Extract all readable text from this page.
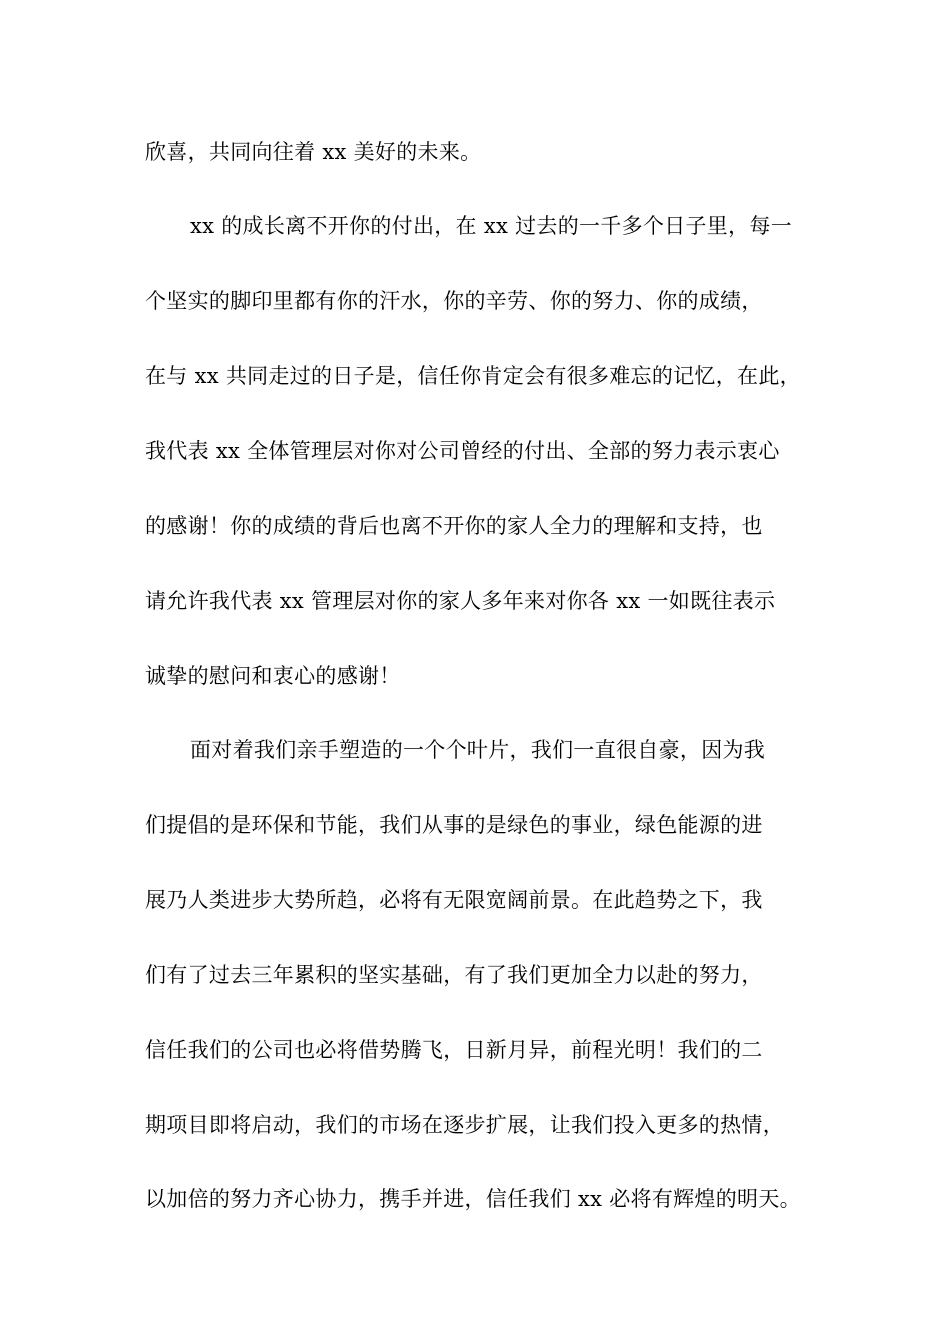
欣喜，共同向往着 xx 美好的未来。
xx 的成长离不开你的付出，在 xx 过去的一千多个日子里，每一
个坚实的脚印里都有你的汗水，你的辛劳、你的努力、你的成绩，
在与 xx 共同走过的日子是，信任你肯定会有很多难忘的记忆，在此，
我代表 xx 全体管理层对你对公司曾经的付出、全部的努力表示衷心
的感谢！你的成绩的背后也离不开你的家人全力的理解和支持，也
请允许我代表 xx 管理层对你的家人多年来对你各 xx 一如既往表示
诚挚的慰问和衷心的感谢！
面对着我们亲手塑造的一个个叶片，我们一直很自豪，因为我
们提倡的是环保和节能，我们从事的是绿色的事业，绿色能源的进
展乃人类进步大势所趋，必将有无限宽阔前景。在此趋势之下，我
们有了过去三年累积的坚实基础，有了我们更加全力以赴的努力，
信任我们的公司也必将借势腾飞，日新月异，前程光明！我们的二
期项目即将启动，我们的市场在逐步扩展，让我们投入更多的热情，
以加倍的努力齐心协力，携手并进，信任我们 xx 必将有辉煌的明天。
